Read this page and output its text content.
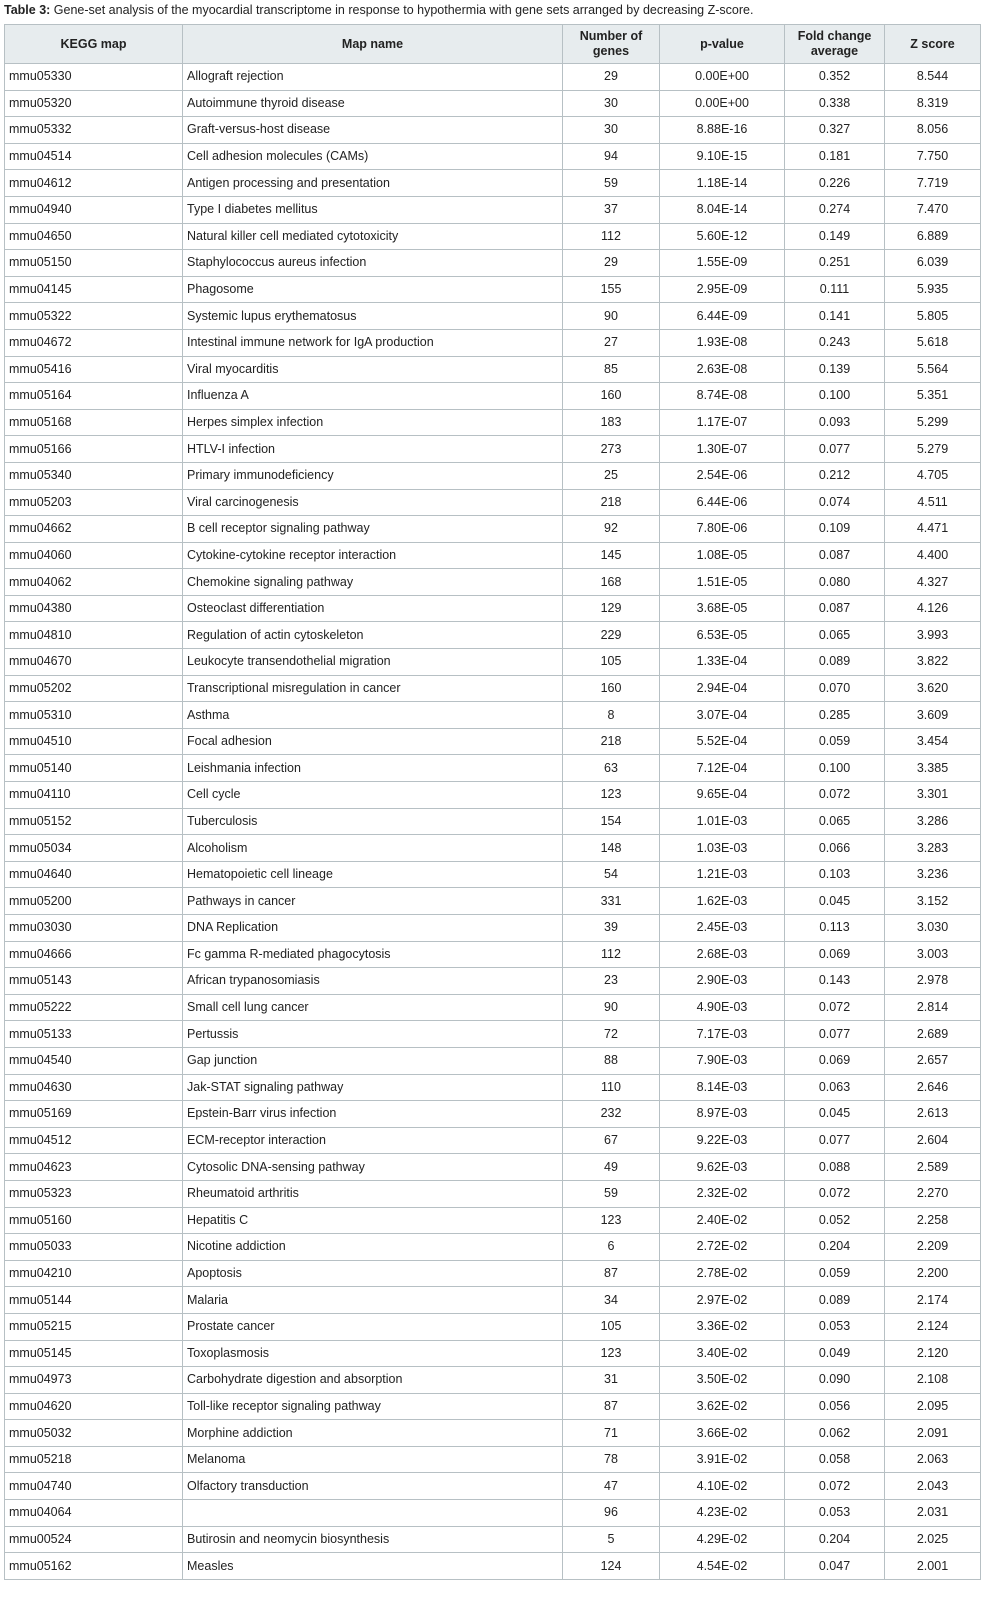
Table 3: Gene-set analysis of the myocardial transcriptome in response to hypothermia with gene sets arranged by decreasing Z-score.
KEGG map	Map name	Number of genes	p-value	Fold change average	Z score
mmu05330	Allograft rejection	29	0.00E+00	0.352	8.544
mmu05320	Autoimmune thyroid disease	30	0.00E+00	0.338	8.319
mmu05332	Graft-versus-host disease	30	8.88E-16	0.327	8.056
mmu04514	Cell adhesion molecules (CAMs)	94	9.10E-15	0.181	7.750
mmu04612	Antigen processing and presentation	59	1.18E-14	0.226	7.719
mmu04940	Type I diabetes mellitus	37	8.04E-14	0.274	7.470
mmu04650	Natural killer cell mediated cytotoxicity	112	5.60E-12	0.149	6.889
mmu05150	Staphylococcus aureus infection	29	1.55E-09	0.251	6.039
mmu04145	Phagosome	155	2.95E-09	0.111	5.935
mmu05322	Systemic lupus erythematosus	90	6.44E-09	0.141	5.805
mmu04672	Intestinal immune network for IgA production	27	1.93E-08	0.243	5.618
mmu05416	Viral myocarditis	85	2.63E-08	0.139	5.564
mmu05164	Influenza A	160	8.74E-08	0.100	5.351
mmu05168	Herpes simplex infection	183	1.17E-07	0.093	5.299
mmu05166	HTLV-I infection	273	1.30E-07	0.077	5.279
mmu05340	Primary immunodeficiency	25	2.54E-06	0.212	4.705
mmu05203	Viral carcinogenesis	218	6.44E-06	0.074	4.511
mmu04662	B cell receptor signaling pathway	92	7.80E-06	0.109	4.471
mmu04060	Cytokine-cytokine receptor interaction	145	1.08E-05	0.087	4.400
mmu04062	Chemokine signaling pathway	168	1.51E-05	0.080	4.327
mmu04380	Osteoclast differentiation	129	3.68E-05	0.087	4.126
mmu04810	Regulation of actin cytoskeleton	229	6.53E-05	0.065	3.993
mmu04670	Leukocyte transendothelial migration	105	1.33E-04	0.089	3.822
mmu05202	Transcriptional misregulation in cancer	160	2.94E-04	0.070	3.620
mmu05310	Asthma	8	3.07E-04	0.285	3.609
mmu04510	Focal adhesion	218	5.52E-04	0.059	3.454
mmu05140	Leishmania infection	63	7.12E-04	0.100	3.385
mmu04110	Cell cycle	123	9.65E-04	0.072	3.301
mmu05152	Tuberculosis	154	1.01E-03	0.065	3.286
mmu05034	Alcoholism	148	1.03E-03	0.066	3.283
mmu04640	Hematopoietic cell lineage	54	1.21E-03	0.103	3.236
mmu05200	Pathways in cancer	331	1.62E-03	0.045	3.152
mmu03030	DNA Replication	39	2.45E-03	0.113	3.030
mmu04666	Fc gamma R-mediated phagocytosis	112	2.68E-03	0.069	3.003
mmu05143	African trypanosomiasis	23	2.90E-03	0.143	2.978
mmu05222	Small cell lung cancer	90	4.90E-03	0.072	2.814
mmu05133	Pertussis	72	7.17E-03	0.077	2.689
mmu04540	Gap junction	88	7.90E-03	0.069	2.657
mmu04630	Jak-STAT signaling pathway	110	8.14E-03	0.063	2.646
mmu05169	Epstein-Barr virus infection	232	8.97E-03	0.045	2.613
mmu04512	ECM-receptor interaction	67	9.22E-03	0.077	2.604
mmu04623	Cytosolic DNA-sensing pathway	49	9.62E-03	0.088	2.589
mmu05323	Rheumatoid arthritis	59	2.32E-02	0.072	2.270
mmu05160	Hepatitis C	123	2.40E-02	0.052	2.258
mmu05033	Nicotine addiction	6	2.72E-02	0.204	2.209
mmu04210	Apoptosis	87	2.78E-02	0.059	2.200
mmu05144	Malaria	34	2.97E-02	0.089	2.174
mmu05215	Prostate cancer	105	3.36E-02	0.053	2.124
mmu05145	Toxoplasmosis	123	3.40E-02	0.049	2.120
mmu04973	Carbohydrate digestion and absorption	31	3.50E-02	0.090	2.108
mmu04620	Toll-like receptor signaling pathway	87	3.62E-02	0.056	2.095
mmu05032	Morphine addiction	71	3.66E-02	0.062	2.091
mmu05218	Melanoma	78	3.91E-02	0.058	2.063
mmu04740	Olfactory transduction	47	4.10E-02	0.072	2.043
mmu04064		96	4.23E-02	0.053	2.031
mmu00524	Butirosin and neomycin biosynthesis	5	4.29E-02	0.204	2.025
mmu05162	Measles	124	4.54E-02	0.047	2.001
